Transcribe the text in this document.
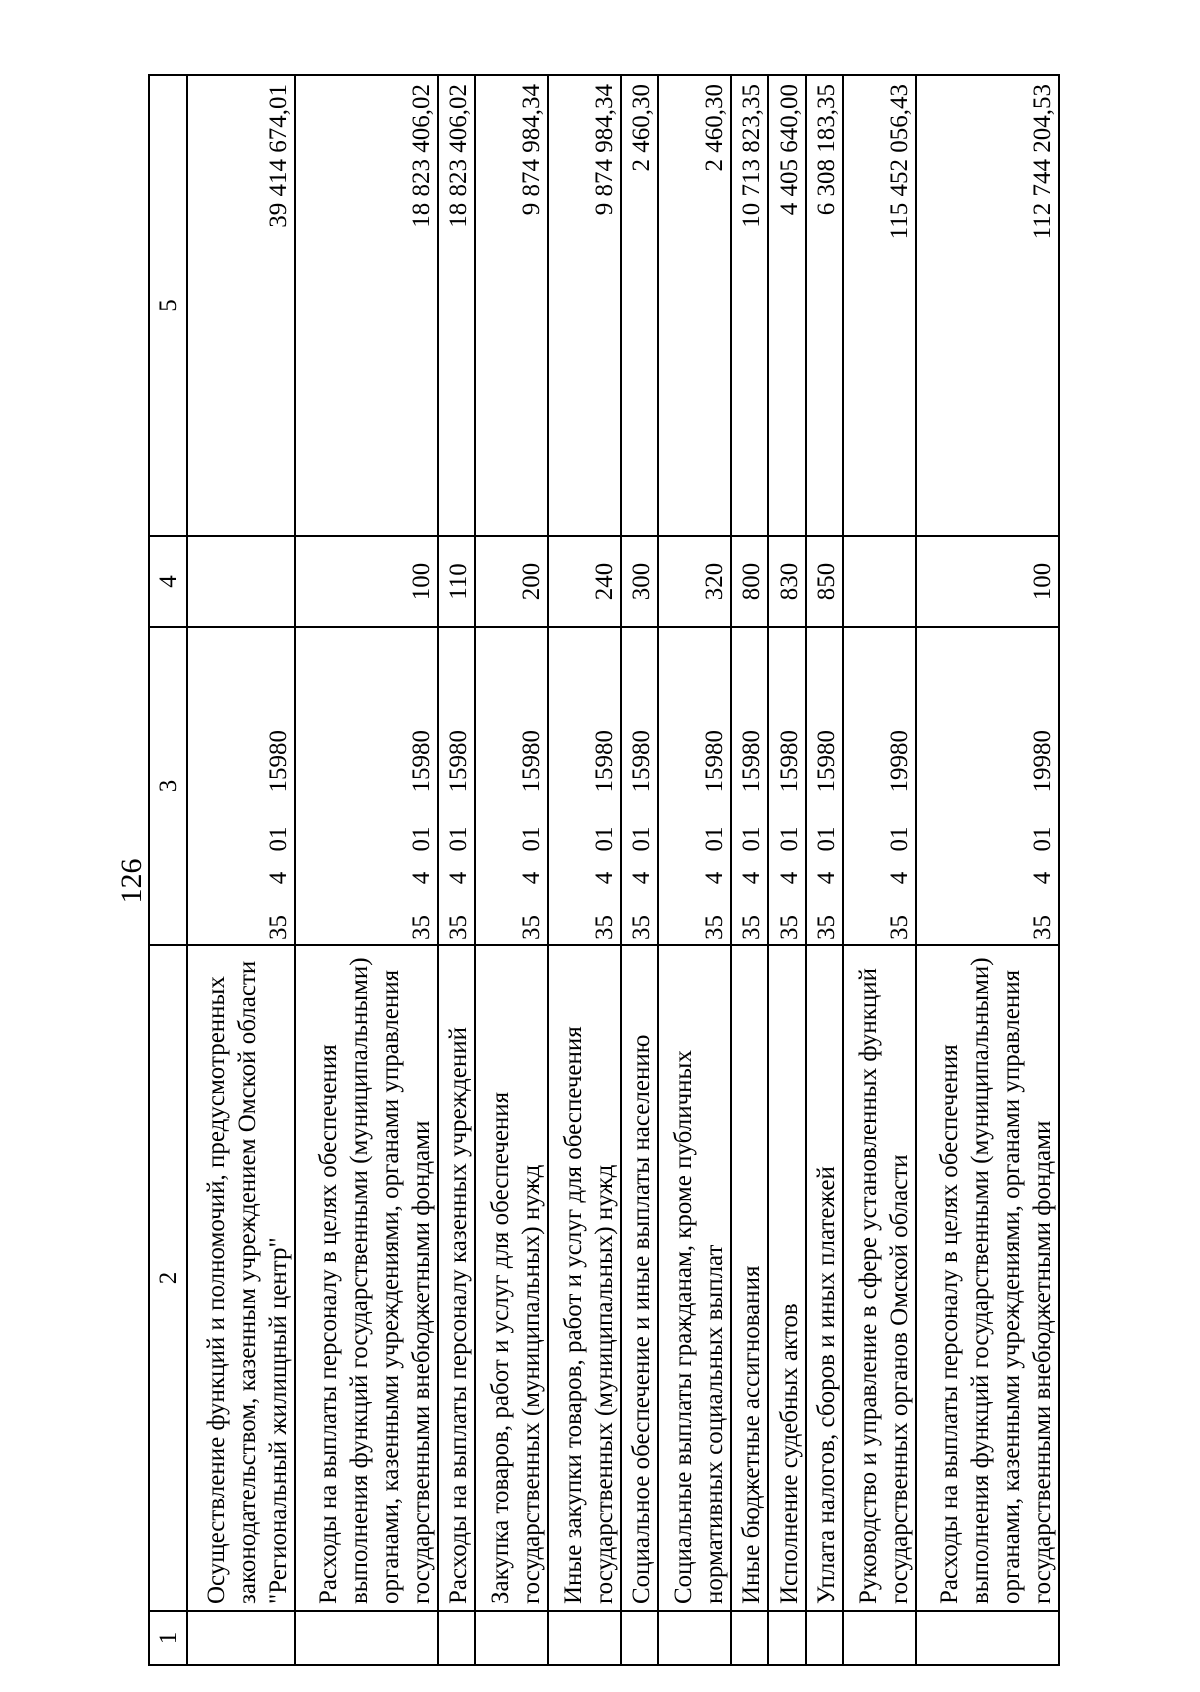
126
1	2	3	4	5
	Осуществление функций и полномочий, предусмотренных законодательством, казенным учреждением Омской области "Региональный жилищный центр"	3540115980		39 414 674,01
	Расходы на выплаты персоналу в целях обеспечения выполнения функций государственными (муниципальными) органами, казенными учреждениями, органами управления государственными внебюджетными фондами	3540115980	100	18 823 406,02
	Расходы на выплаты персоналу казенных учреждений	3540115980	110	18 823 406,02
	Закупка товаров, работ и услуг для обеспечения государственных (муниципальных) нужд	3540115980	200	9 874 984,34
	Иные закупки товаров, работ и услуг для обеспечения государственных (муниципальных) нужд	3540115980	240	9 874 984,34
	Социальное обеспечение и иные выплаты населению	3540115980	300	2 460,30
	Социальные выплаты гражданам, кроме публичных нормативных социальных выплат	3540115980	320	2 460,30
	Иные бюджетные ассигнования	3540115980	800	10 713 823,35
	Исполнение судебных актов	3540115980	830	4 405 640,00
	Уплата налогов, сборов и иных платежей	3540115980	850	6 308 183,35
	Руководство и управление в сфере установленных функций государственных органов Омской области	3540119980		115 452 056,43
	Расходы на выплаты персоналу в целях обеспечения выполнения функций государственными (муниципальными) органами, казенными учреждениями, органами управления государственными внебюджетными фондами	3540119980	100	112 744 204,53
